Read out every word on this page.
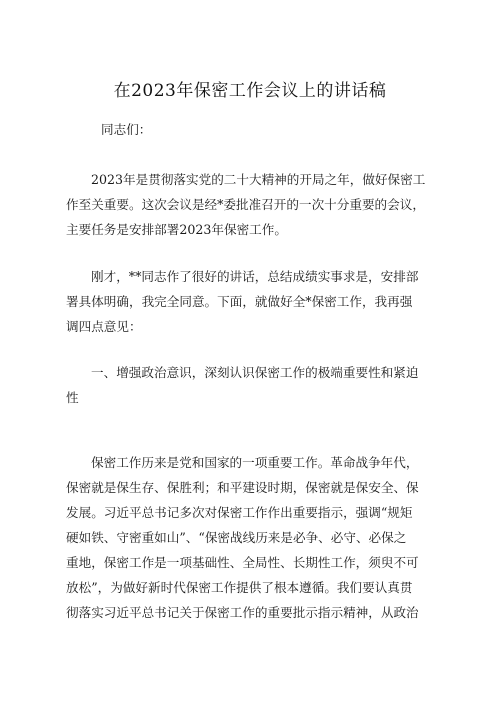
在2023年保密工作会议上的讲话稿
同志们：
2023年是贯彻落实党的二十大精神的开局之年，做好保密工
作至关重要。这次会议是经*委批准召开的一次十分重要的会议，
主要任务是安排部署2023年保密工作。
刚才，**同志作了很好的讲话，总结成绩实事求是，安排部
署具体明确，我完全同意。下面，就做好全*保密工作，我再强
调四点意见：
一、增强政治意识，深刻认识保密工作的极端重要性和紧迫
性
保密工作历来是党和国家的一项重要工作。革命战争年代，
保密就是保生存、保胜利；和平建设时期，保密就是保安全、保
发展。习近平总书记多次对保密工作作出重要指示，强调“规矩
硬如铁、守密重如山”、“保密战线历来是必争、必守、必保之
重地，保密工作是一项基础性、全局性、长期性工作，须臾不可
放松”，为做好新时代保密工作提供了根本遵循。我们要认真贯
彻落实习近平总书记关于保密工作的重要批示指示精神，从政治
